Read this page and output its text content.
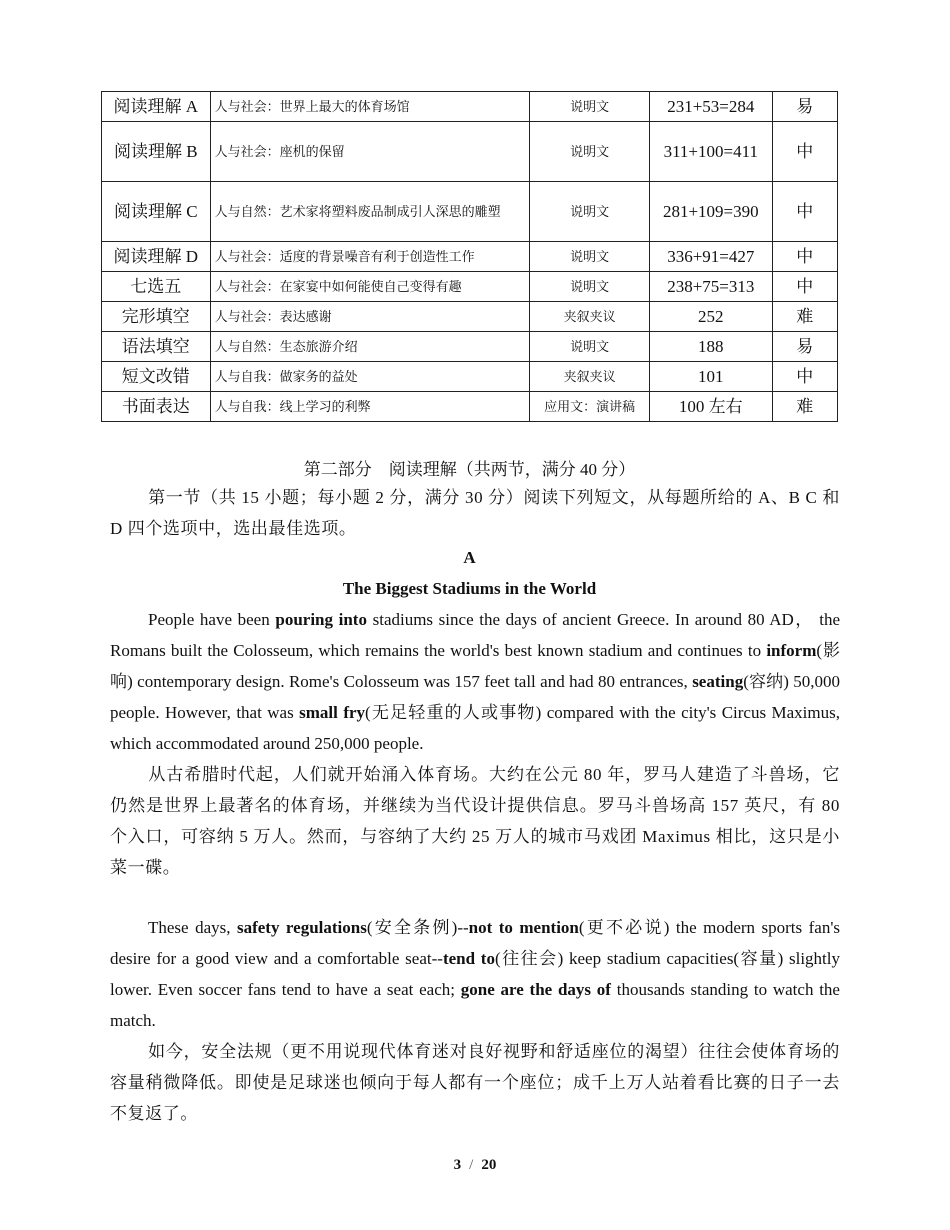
阅读理解 A	人与社会：世界上最大的体育场馆	说明文	231+53=284	易
阅读理解 B	人与社会：座机的保留	说明文	311+100=411	中
阅读理解 C	人与自然：艺术家将塑料废品制成引人深思的雕塑	说明文	281+109=390	中
阅读理解 D	人与社会：适度的背景噪音有利于创造性工作	说明文	336+91=427	中
七选五	人与社会：在家宴中如何能使自己变得有趣	说明文	238+75=313	中
完形填空	人与社会：表达感谢	夹叙夹议	252	难
语法填空	人与自然：生态旅游介绍	说明文	188	易
短文改错	人与自我：做家务的益处	夹叙夹议	101	中
书面表达	人与自我：线上学习的利弊	应用文：演讲稿	100 左右	难
第二部分　阅读理解（共两节，满分 40 分）

第一节（共 15 小题；每小题 2 分，满分 30 分）阅读下列短文，从每题所给的 A、B C 和 D 四个选项中，选出最佳选项。

A
The Biggest Stadiums in the World

People have been pouring into stadiums since the days of ancient Greece. In around 80 AD， the Romans built the Colosseum, which remains the world's best known stadium and continues to inform(影响) contemporary design. Rome's Colosseum was 157 feet tall and had 80 entrances, seating(容纳) 50,000 people. However, that was small fry(无足轻重的人或事物) compared with the city's Circus Maximus, which accommodated around 250,000 people.

从古希腊时代起，人们就开始涌入体育场。大约在公元 80 年，罗马人建造了斗兽场，它仍然是世界上最著名的体育场，并继续为当代设计提供信息。罗马斗兽场高 157 英尺，有 80 个入口，可容纳 5 万人。然而，与容纳了大约 25 万人的城市马戏团 Maximus 相比，这只是小菜一碟。

These days, safety regulations(安全条例)--not to mention(更不必说) the modern sports fan's desire for a good view and a comfortable seat--tend to(往往会) keep stadium capacities(容量) slightly lower. Even soccer fans tend to have a seat each; gone are the days of thousands standing to watch the match.

如今，安全法规（更不用说现代体育迷对良好视野和舒适座位的渴望）往往会使体育场的容量稍微降低。即使是足球迷也倾向于每人都有一个座位；成千上万人站着看比赛的日子一去不复返了。

3 / 20
